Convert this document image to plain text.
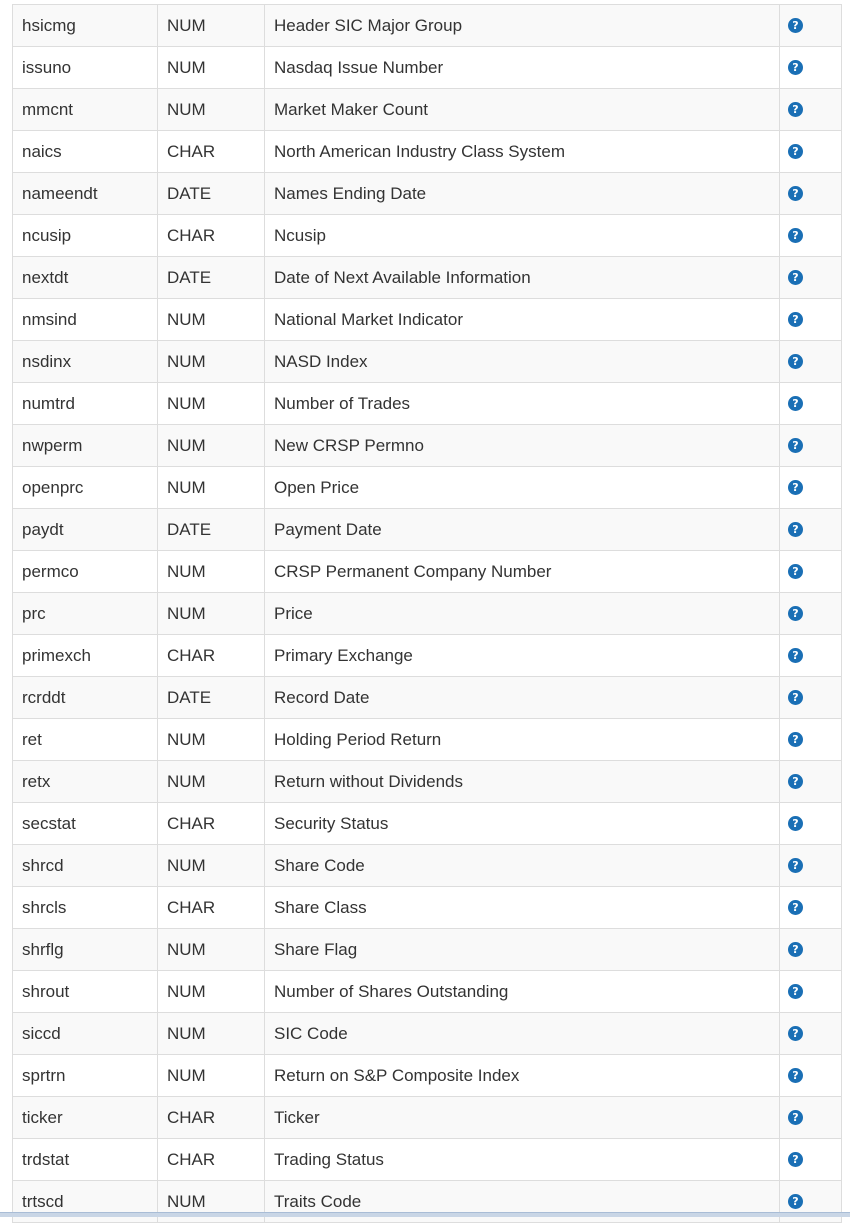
hsicmg	NUM	Header SIC Major Group	?
issuno	NUM	Nasdaq Issue Number	?
mmcnt	NUM	Market Maker Count	?
naics	CHAR	North American Industry Class System	?
nameendt	DATE	Names Ending Date	?
ncusip	CHAR	Ncusip	?
nextdt	DATE	Date of Next Available Information	?
nmsind	NUM	National Market Indicator	?
nsdinx	NUM	NASD Index	?
numtrd	NUM	Number of Trades	?
nwperm	NUM	New CRSP Permno	?
openprc	NUM	Open Price	?
paydt	DATE	Payment Date	?
permco	NUM	CRSP Permanent Company Number	?
prc	NUM	Price	?
primexch	CHAR	Primary Exchange	?
rcrddt	DATE	Record Date	?
ret	NUM	Holding Period Return	?
retx	NUM	Return without Dividends	?
secstat	CHAR	Security Status	?
shrcd	NUM	Share Code	?
shrcls	CHAR	Share Class	?
shrflg	NUM	Share Flag	?
shrout	NUM	Number of Shares Outstanding	?
siccd	NUM	SIC Code	?
sprtrn	NUM	Return on S&P Composite Index	?
ticker	CHAR	Ticker	?
trdstat	CHAR	Trading Status	?
trtscd	NUM	Traits Code	?
